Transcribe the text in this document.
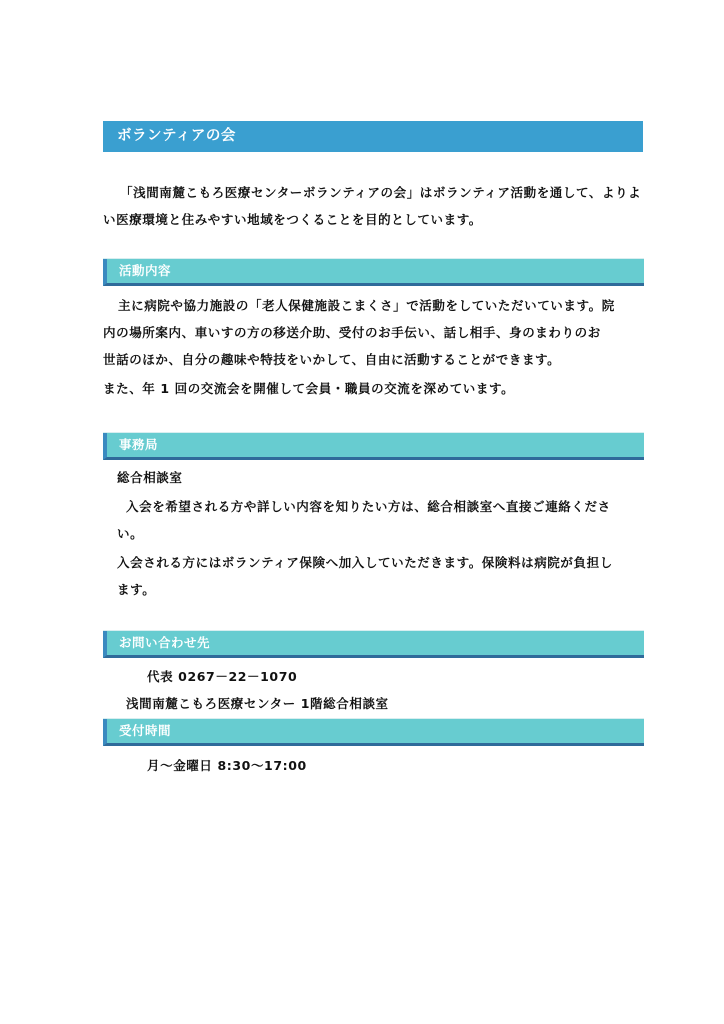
ボランティアの会
「浅間南麓こもろ医療センターボランティアの会」はボランティア活動を通して、よりよ
い医療環境と住みやすい地域をつくることを目的としています。
活動内容
主に病院や協力施設の「老人保健施設こまくさ」で活動をしていただいています。院
内の場所案内、車いすの方の移送介助、受付のお手伝い、話し相手、身のまわりのお
世話のほか、自分の趣味や特技をいかして、自由に活動することができます。
また、年 1 回の交流会を開催して会員・職員の交流を深めています。
事務局
総合相談室
入会を希望される方や詳しい内容を知りたい方は、総合相談室へ直接ご連絡くださ
い。
入会される方にはボランティア保険へ加入していただきます。保険料は病院が負担し
ます。
お問い合わせ先
代表 0267－22－1070
浅間南麓こもろ医療センター 1階総合相談室
受付時間
月～金曜日 8:30～17:00
